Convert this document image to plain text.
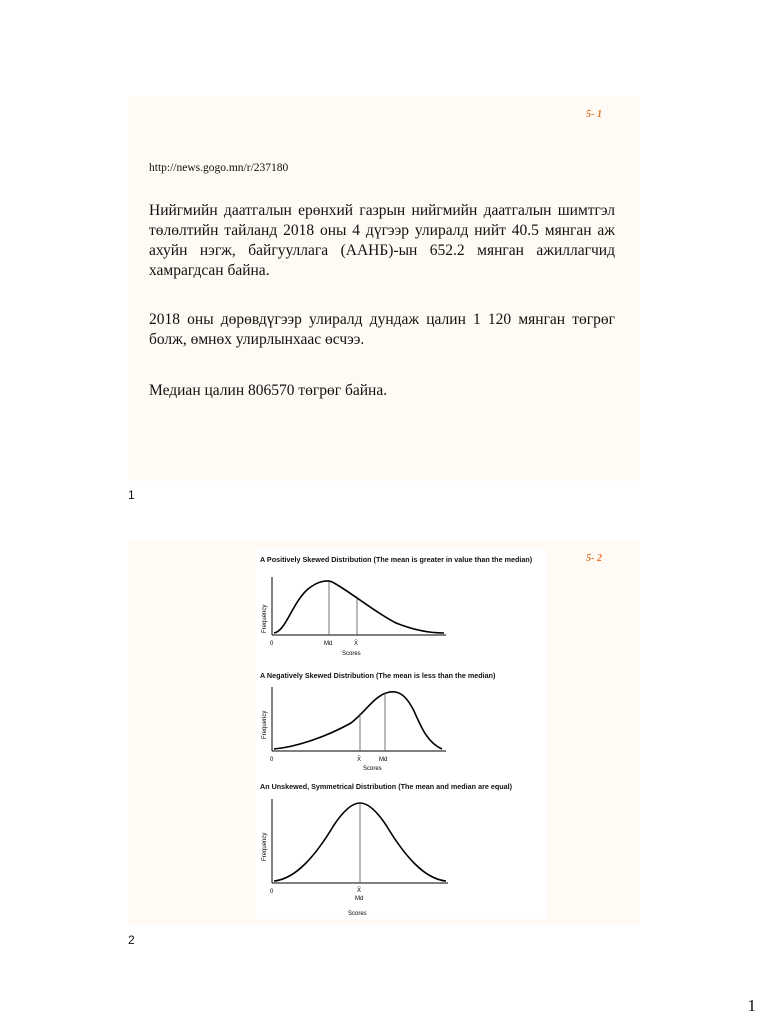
5- 1
http://news.gogo.mn/r/237180
Нийгмийн даатгалын ерөнхий газрын нийгмийн даатгалын шимтгэл төлөлтийн тайланд 2018 оны 4 дүгээр улиралд нийт 40.5 мянган аж ахуйн нэгж, байгууллага (ААНБ)-ын 652.2 мянган ажиллагчид хамрагдсан байна.
2018 оны дөрөвдүгээр улиралд дундаж цалин 1 120 мянган төгрөг болж, өмнөх улирлынхаас өсчээ.
Медиан цалин 806570 төгрөг байна.
1
5- 2
A Positively Skewed Distribution (The mean is greater in value than the median)
Frequency
0	Md	X̄
Scores
A Negatively Skewed Distribution (The mean is less than the median)
Frequency
0	X̄	Md
Scores
An Unskewed, Symmetrical Distribution (The mean and median are equal)
Frequency
0	X̄
Md
Scores
2
1
